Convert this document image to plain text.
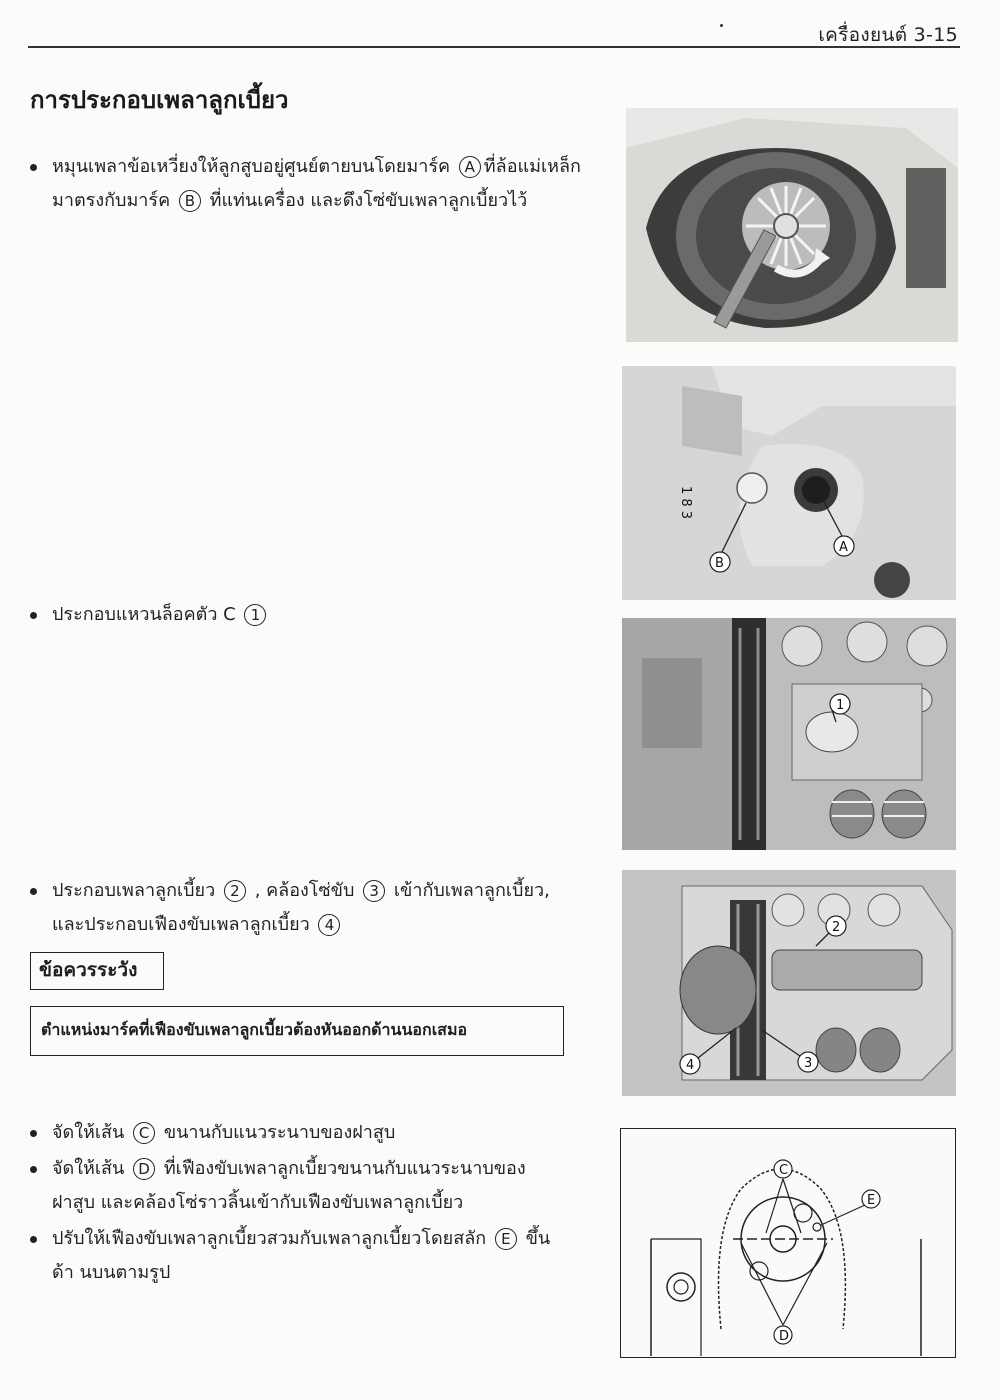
เครื่องยนต์ 3-15
การประกอบเพลาลูกเบี้ยว
หมุนเพลาข้อเหวี่ยงให้ลูกสูบอยู่ศูนย์ตายบนโดยมาร์ค A ที่ล้อแม่เหล็ก
มาตรงกับมาร์ค B ที่แท่นเครื่อง และดึงโซ่ขับเพลาลูกเบี้ยวไว้
ประกอบแหวนล็อคตัว C 1
ประกอบเพลาลูกเบี้ยว 2 , คล้องโซ่ขับ 3 เข้ากับเพลาลูกเบี้ยว,
และประกอบเฟืองขับเพลาลูกเบี้ยว 4
ข้อควรระวัง
ตำแหน่งมาร์คที่เฟืองขับเพลาลูกเบี้ยวต้องหันออกด้านนอกเสมอ
จัดให้เส้น C ขนานกับแนวระนาบของฝาสูบ
จัดให้เส้น D ที่เฟืองขับเพลาลูกเบี้ยวขนานกับแนวระนาบของ
ฝาสูบ และคล้องโซ่ราวลิ้นเข้ากับเฟืองขับเพลาลูกเบี้ยว
ปรับให้เฟืองขับเพลาลูกเบี้ยวสวมกับเพลาลูกเบี้ยวโดยสลัก E ขึ้น
ด้า นบนตามรูป
1 8 3
B
A
1
2
4	3
C
D
E
